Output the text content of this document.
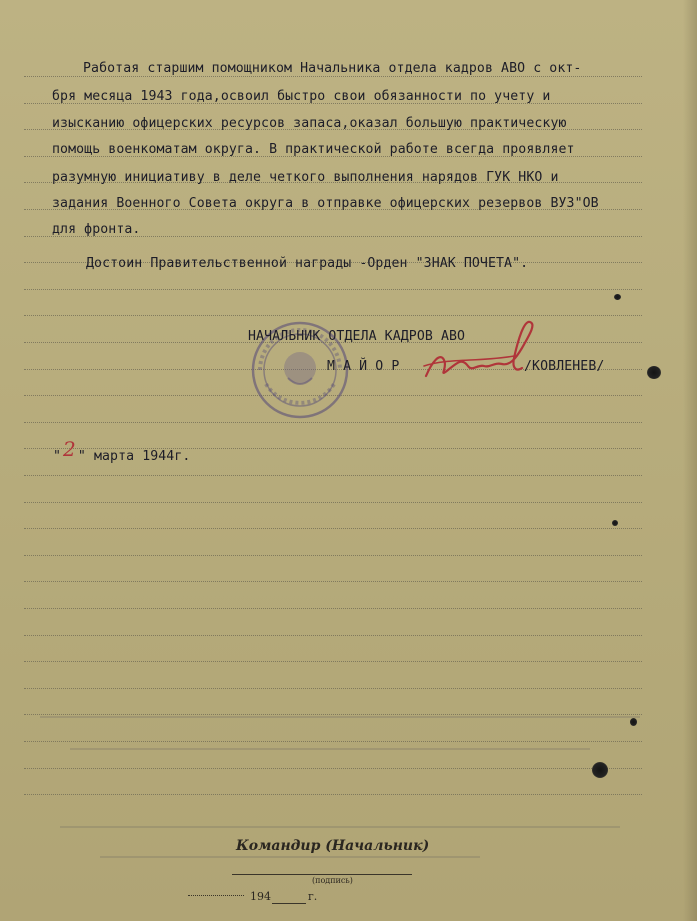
Работая старшим помощником Начальника отдела кадров АВО с окт-

бря месяца 1943 года,освоил быстро свои обязанности по учету и

изысканию офицерских ресурсов запаса,оказал большую практическую

помощь военкоматам округа. В практической работе всегда проявляет

разумную инициативу в деле четкого выполнения нарядов ГУК НКО и

задания Военного Совета округа в отправке офицерских резервов ВУЗ"ОВ

для фронта.

Достоин Правительственной награды -Орден "ЗНАК ПОЧЕТА".
НАЧАЛЬНИК ОТДЕЛА КАДРОВ АВО
М А Й О Р	/КОВЛЕНЕВ/
" 2 " марта 1944г.
Командир (Начальник)
(подпись)
194	г.
